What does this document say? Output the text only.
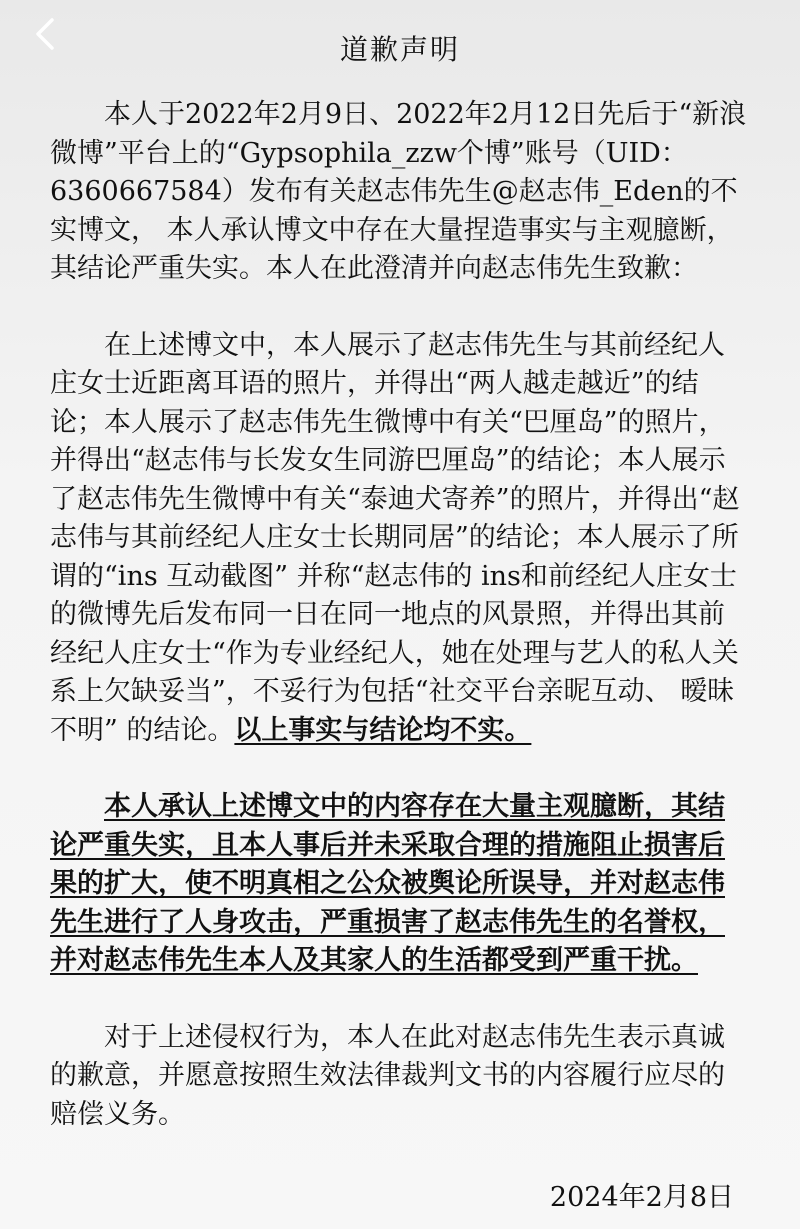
道歉声明

本人于2022年2月9日、2022年2月12日先后于“新浪微博”平台上的“Gypsophila_zzw个博”账号（UID： 6360667584）发布有关赵志伟先生@赵志伟_Eden的不实博文， 本人承认博文中存在大量捏造事实与主观臆断，其结论严重失实。本人在此澄清并向赵志伟先生致歉：

在上述博文中，本人展示了赵志伟先生与其前经纪人庄女士近距离耳语的照片，并得出“两人越走越近”的结论；本人展示了赵志伟先生微博中有关“巴厘岛”的照片，并得出“赵志伟与长发女生同游巴厘岛”的结论；本人展示了赵志伟先生微博中有关“泰迪犬寄养”的照片，并得出“赵志伟与其前经纪人庄女士长期同居”的结论；本人展示了所谓的“ins 互动截图” 并称“赵志伟的 ins和前经纪人庄女士的微博先后发布同一日在同一地点的风景照，并得出其前经纪人庄女士“作为专业经纪人，她在处理与艺人的私人关系上欠缺妥当”，不妥行为包括“社交平台亲昵互动、 暧昧不明” 的结论。以上事实与结论均不实。

本人承认上述博文中的内容存在大量主观臆断，其结论严重失实，且本人事后并未采取合理的措施阻止损害后果的扩大，使不明真相之公众被舆论所误导，并对赵志伟先生进行了人身攻击，严重损害了赵志伟先生的名誉权，并对赵志伟先生本人及其家人的生活都受到严重干扰。

对于上述侵权行为，本人在此对赵志伟先生表示真诚的歉意，并愿意按照生效法律裁判文书的内容履行应尽的赔偿义务。

2024年2月8日
